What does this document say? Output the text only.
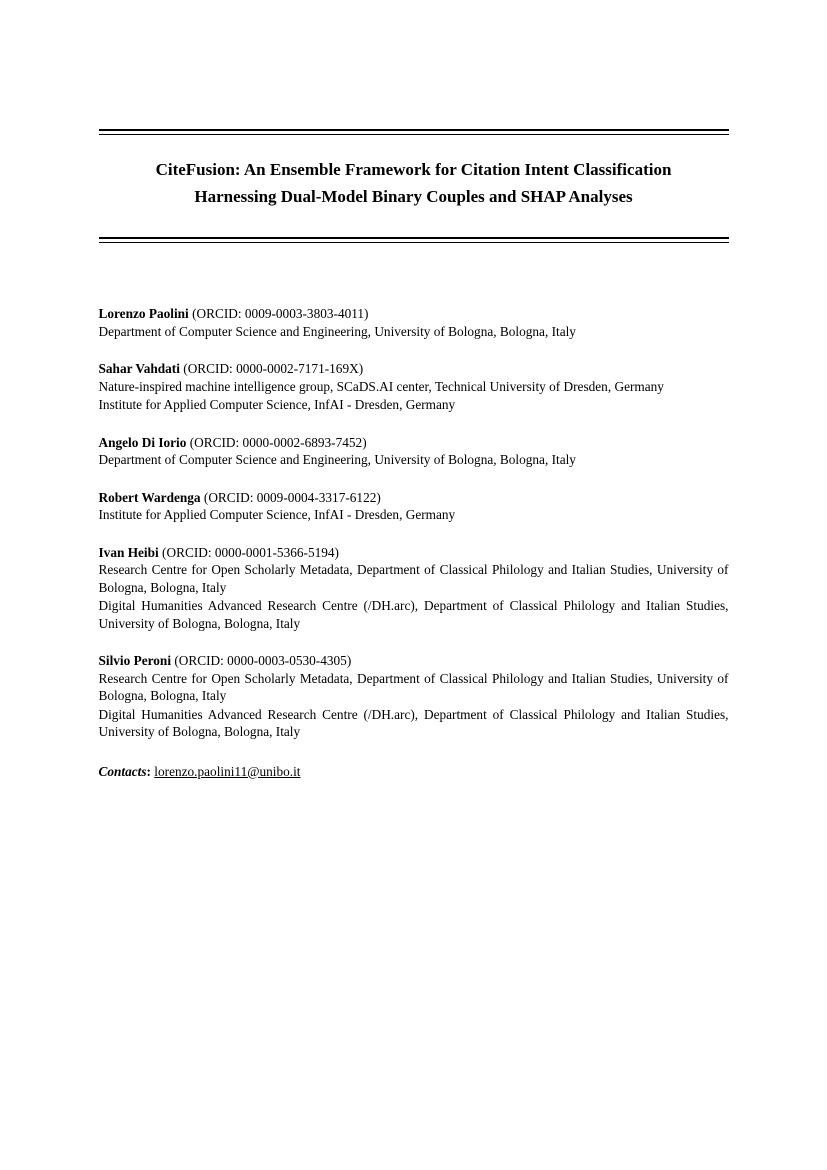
CiteFusion: An Ensemble Framework for Citation Intent Classification

Harnessing Dual-Model Binary Couples and SHAP Analyses

Lorenzo Paolini (ORCID: 0009-0003-3803-4011)

Department of Computer Science and Engineering, University of Bologna, Bologna, Italy

Sahar Vahdati (ORCID: 0000-0002-7171-169X)

Nature-inspired machine intelligence group, SCaDS.AI center, Technical University of Dresden, Germany

Institute for Applied Computer Science, InfAI - Dresden, Germany

Angelo Di Iorio (ORCID: 0000-0002-6893-7452)

Department of Computer Science and Engineering, University of Bologna, Bologna, Italy

Robert Wardenga (ORCID: 0009-0004-3317-6122)

Institute for Applied Computer Science, InfAI - Dresden, Germany

Ivan Heibi (ORCID: 0000-0001-5366-5194)

Research Centre for Open Scholarly Metadata, Department of Classical Philology and Italian Studies, University of Bologna, Bologna, Italy

Digital Humanities Advanced Research Centre (/DH.arc), Department of Classical Philology and Italian Studies, University of Bologna, Bologna, Italy

Silvio Peroni (ORCID: 0000-0003-0530-4305)

Research Centre for Open Scholarly Metadata, Department of Classical Philology and Italian Studies, University of Bologna, Bologna, Italy

Digital Humanities Advanced Research Centre (/DH.arc), Department of Classical Philology and Italian Studies, University of Bologna, Bologna, Italy

Contacts: lorenzo.paolini11@unibo.it
